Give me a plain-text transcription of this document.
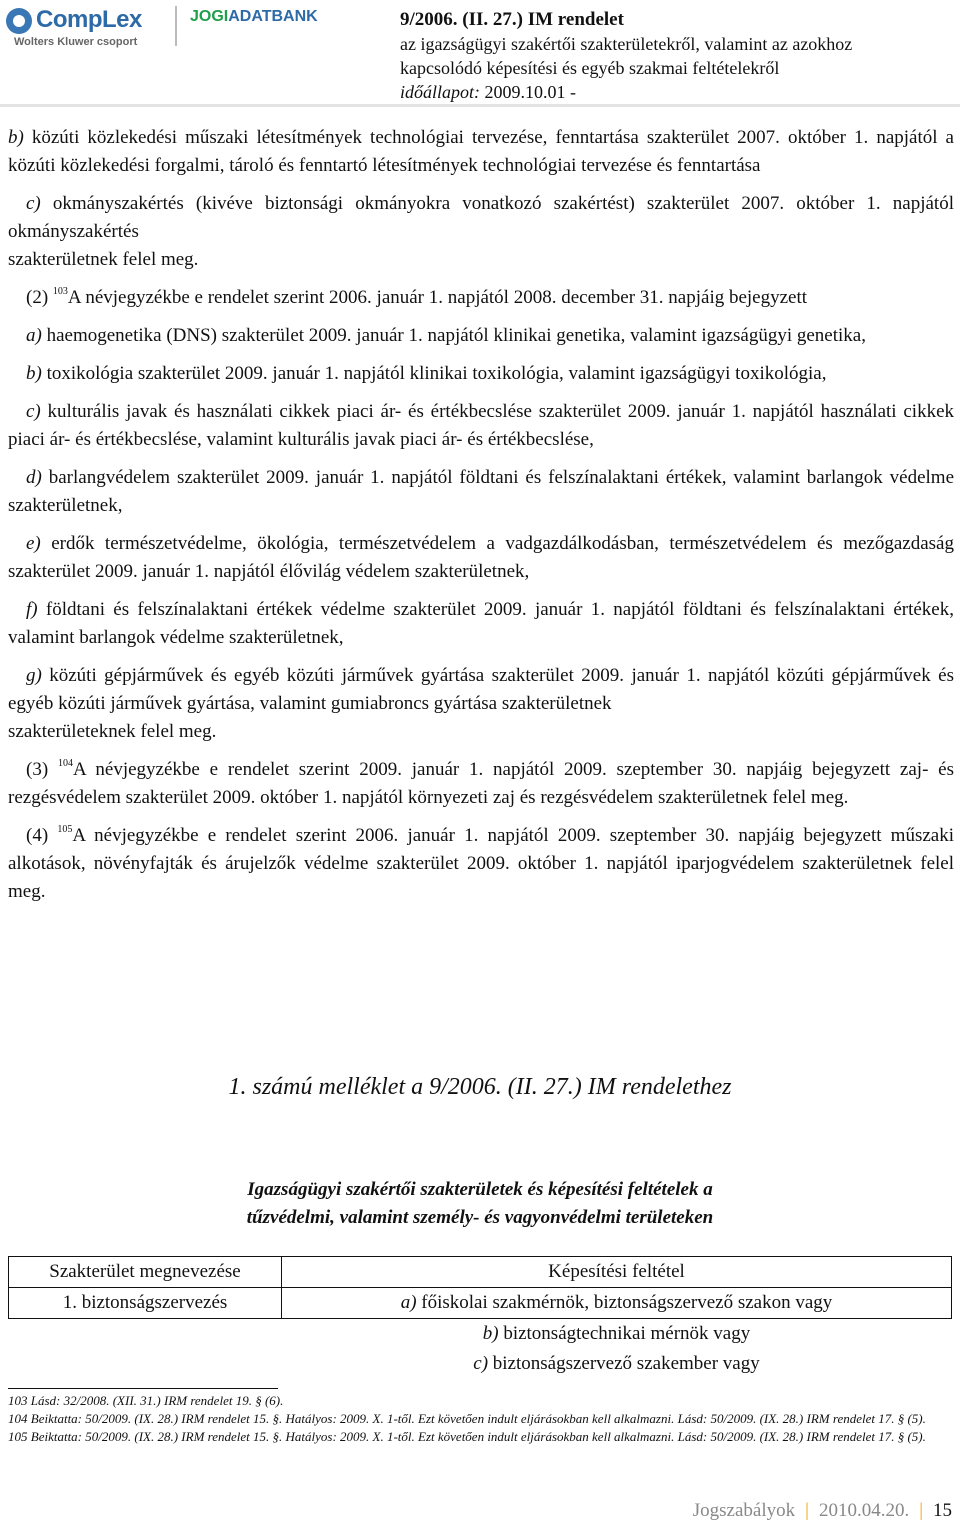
CompLex
Wolters Kluwer csoport
JOGIADATBANK	9/2006. (II. 27.) IM rendelet
az igazságügyi szakértői szakterületekről, valamint az azokhoz
kapcsolódó képesítési és egyéb szakmai feltételekről
időállapot: 2009.10.01 -

b) közúti közlekedési műszaki létesítmények technológiai tervezése, fenntartása szakterület 2007. október 1. napjától a közúti közlekedési forgalmi, tároló és fenntartó létesítmények technológiai tervezése és fenntartása

c) okmányszakértés (kivéve biztonsági okmányokra vonatkozó szakértést) szakterület 2007. október 1. napjától okmányszakértés

szakterületnek felel meg.

(2) $^{103}$A névjegyzékbe e rendelet szerint 2006. január 1. napjától 2008. december 31. napjáig bejegyzett

a) haemogenetika (DNS) szakterület 2009. január 1. napjától klinikai genetika, valamint igazságügyi genetika,

b) toxikológia szakterület 2009. január 1. napjától klinikai toxikológia, valamint igazságügyi toxikológia,

c) kulturális javak és használati cikkek piaci ár- és értékbecslése szakterület 2009. január 1. napjától használati cikkek piaci ár- és értékbecslése, valamint kulturális javak piaci ár- és értékbecslése,

d) barlangvédelem szakterület 2009. január 1. napjától földtani és felszínalaktani értékek, valamint barlangok védelme szakterületnek,

e) erdők természetvédelme, ökológia, természetvédelem a vadgazdálkodásban, természetvédelem és mezőgazdaság szakterület 2009. január 1. napjától élővilág védelem szakterületnek,

f) földtani és felszínalaktani értékek védelme szakterület 2009. január 1. napjától földtani és felszínalaktani értékek, valamint barlangok védelme szakterületnek,

g) közúti gépjárművek és egyéb közúti járművek gyártása szakterület 2009. január 1. napjától közúti gépjárművek és egyéb közúti járművek gyártása, valamint gumiabroncs gyártása szakterületnek

szakterületeknek felel meg.

(3) $^{104}$A névjegyzékbe e rendelet szerint 2009. január 1. napjától 2009. szeptember 30. napjáig bejegyzett zaj- és rezgésvédelem szakterület 2009. október 1. napjától környezeti zaj és rezgésvédelem szakterületnek felel meg.

(4) $^{105}$A névjegyzékbe e rendelet szerint 2006. január 1. napjától 2009. szeptember 30. napjáig bejegyzett műszaki alkotások, növényfajták és árujelzők védelme szakterület 2009. október 1. napjától iparjogvédelem szakterületnek felel meg.

1. számú melléklet a 9/2006. (II. 27.) IM rendelethez
Igazságügyi szakértői szakterületek és képesítési feltételek a
tűzvédelmi, valamint személy- és vagyonvédelmi területeken
Szakterület megnevezése	Képesítési feltétel
1. biztonságszervezés	a) főiskolai szakmérnök, biztonságszervező szakon vagy
	b) biztonságtechnikai mérnök vagy
	c) biztonságszervező szakember vagy
103 Lásd: 32/2008. (XII. 31.) IRM rendelet 19. § (6).
104 Beiktatta: 50/2009. (IX. 28.) IRM rendelet 15. §. Hatályos: 2009. X. 1-től. Ezt követően indult eljárásokban kell alkalmazni. Lásd: 50/2009. (IX. 28.) IRM rendelet 17. § (5).
105 Beiktatta: 50/2009. (IX. 28.) IRM rendelet 15. §. Hatályos: 2009. X. 1-től. Ezt követően indult eljárásokban kell alkalmazni. Lásd: 50/2009. (IX. 28.) IRM rendelet 17. § (5).
Jogszabályok | 2010.04.20. | 15
